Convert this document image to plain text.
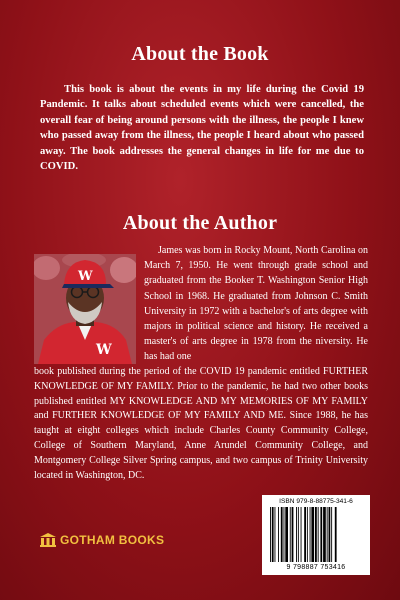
About the Book

This book is about the events in my life during the Covid 19 Pandemic. It talks about scheduled events which were cancelled, the overall fear of being around persons with the illness, the people I knew who passed away from the illness, the people I heard about who passed away. The book addresses the general changes in life for me due to COVID.

About the Author
W
W

James was born in Rocky Mount, North Carolina on March 7, 1950. He went through grade school and graduated from the Booker T. Washington Senior High School in 1968. He graduated from Johnson C. Smith University in 1972 with a bachelor's of arts degree with majors in political science and history. He received a master's of arts degree in 1978 from the niversity. He has had one

book published during the period of the COVID 19 pandemic entitled FURTHER KNOWLEDGE OF MY FAMILY. Prior to the pandemic, he had two other books published entitled MY KNOWLEDGE AND MY MEMORIES OF MY FAMILY and FURTHER KNOWLEDGE OF MY FAMILY AND ME. Since 1988, he has taught at eitght colleges which include Charles County Community College, College of Southern Maryland, Anne Arundel Community College, and Montgomery College Silver Spring campus, and two campus of Trinity University located in Washington, DC.

GOTHAM BOOKS
ISBN 979-8-88775-341-6
9 798887 753416
